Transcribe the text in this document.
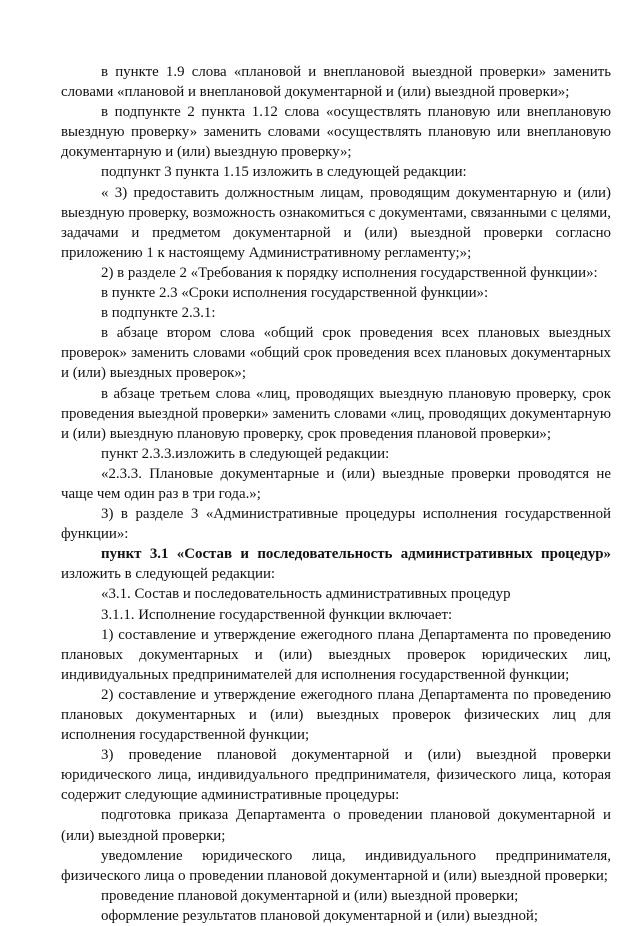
в пункте 1.9 слова «плановой и внеплановой выездной проверки» заменить словами «плановой и внеплановой документарной и (или) выездной проверки»;

в подпункте 2 пункта 1.12 слова «осуществлять плановую или внеплановую выездную проверку» заменить словами «осуществлять плановую или внеплановую документарную и (или) выездную проверку»;

подпункт 3 пункта 1.15 изложить в следующей редакции:

« 3) предоставить должностным лицам, проводящим документарную и (или) выездную проверку, возможность ознакомиться с документами, связанными с целями, задачами и предметом документарной и (или) выездной проверки согласно приложению 1 к настоящему Административному регламенту;»;

2) в разделе 2 «Требования к порядку исполнения государственной функции»:

в пункте 2.3 «Сроки исполнения государственной функции»:

в подпункте 2.3.1:

в абзаце втором слова «общий срок проведения всех плановых выездных проверок» заменить словами «общий срок проведения всех плановых документарных и (или) выездных проверок»;

в абзаце третьем слова «лиц, проводящих выездную плановую проверку, срок проведения выездной проверки» заменить словами «лиц, проводящих документарную и (или) выездную плановую проверку, срок проведения плановой проверки»;

пункт 2.3.3.изложить в следующей редакции:

«2.3.3. Плановые документарные и (или) выездные проверки проводятся не чаще чем один раз в три года.»;

3) в разделе 3 «Административные процедуры исполнения государственной функции»:

пункт 3.1 «Состав и последовательность административных процедур» изложить в следующей редакции:

«3.1. Состав и последовательность административных процедур

3.1.1. Исполнение государственной функции включает:

1) составление и утверждение ежегодного плана Департамента по проведению плановых документарных и (или) выездных проверок юридических лиц, индивидуальных предпринимателей для исполнения государственной функции;

2) составление и утверждение ежегодного плана Департамента по проведению плановых документарных и (или) выездных проверок физических лиц для исполнения государственной функции;

3) проведение плановой документарной и (или) выездной проверки юридического лица, индивидуального предпринимателя, физического лица, которая содержит следующие административные процедуры:

подготовка приказа Департамента о проведении плановой документарной и (или) выездной проверки;

уведомление юридического лица, индивидуального предпринимателя, физического лица о проведении плановой документарной и (или) выездной проверки;

проведение плановой документарной и (или) выездной проверки;

оформление результатов плановой документарной и (или) выездной;
